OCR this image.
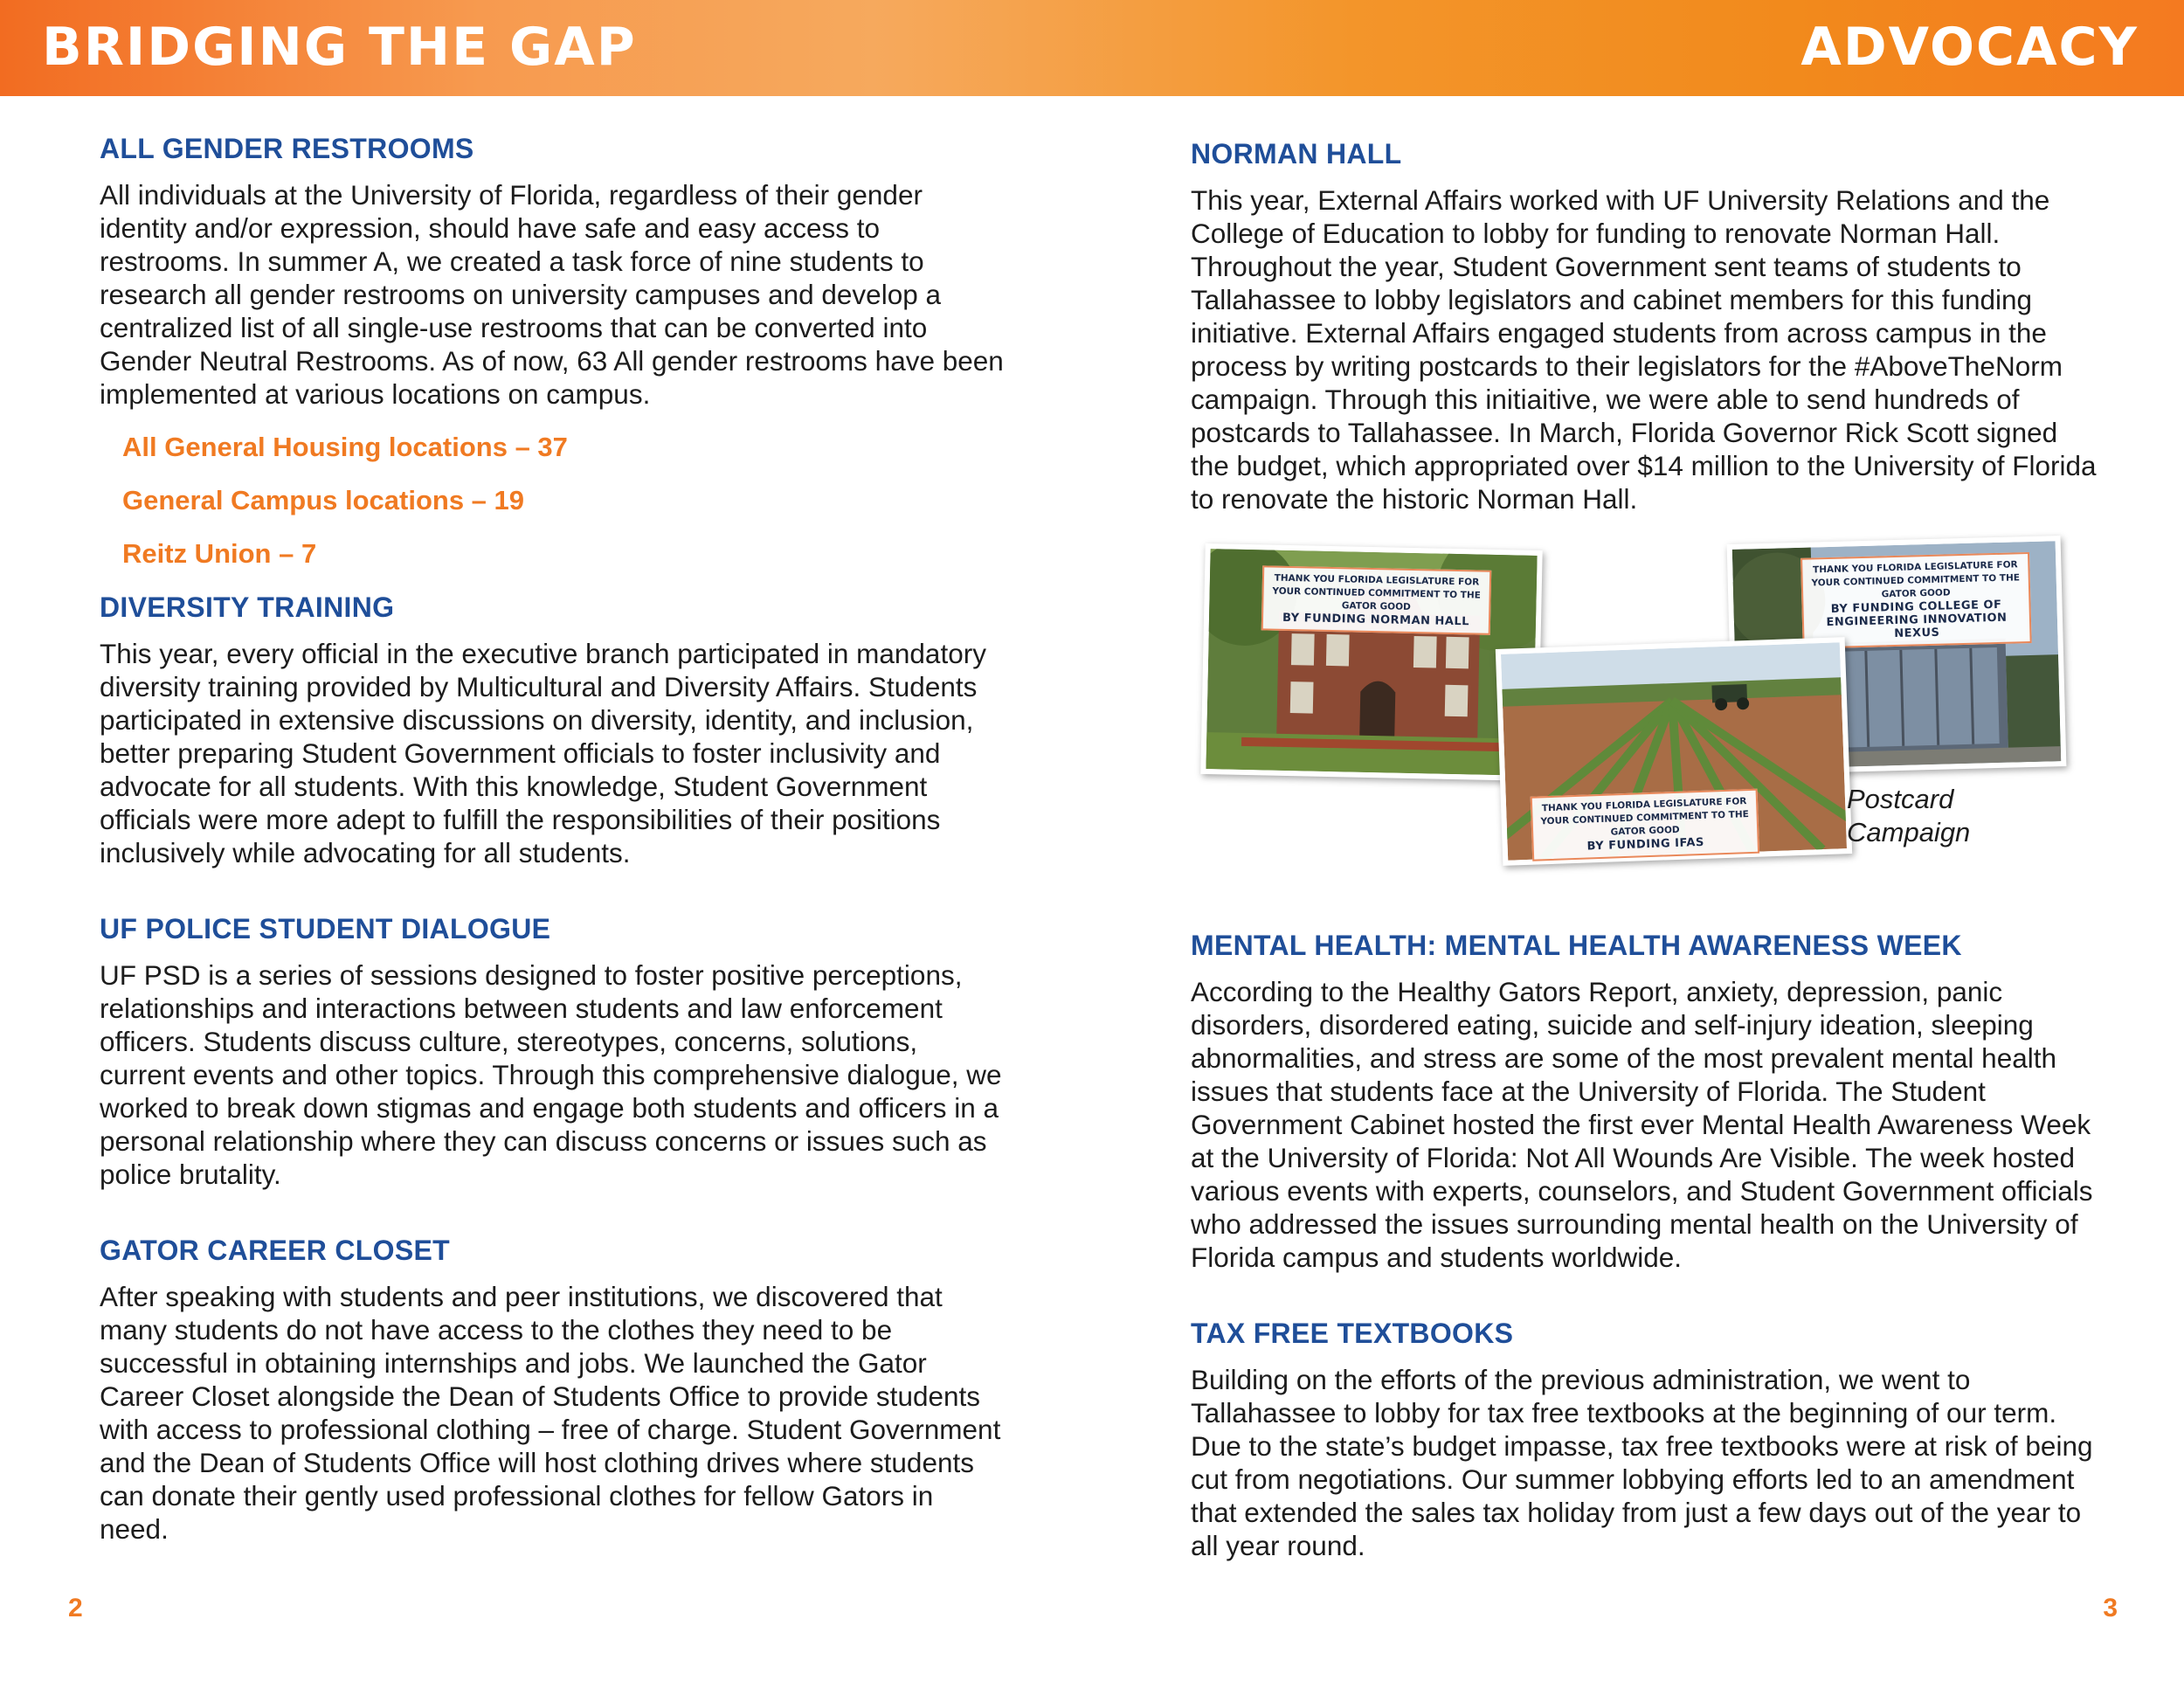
BRIDGING THE GAP	ADVOCACY
ALL GENDER RESTROOMS
All individuals at the University of Florida, regardless of their gender identity and/or expression, should have safe and easy access to restrooms. In summer A, we created a task force of nine students to research all gender restrooms on university campuses and develop a centralized list of all single-use restrooms that can be converted into Gender Neutral Restrooms. As of now, 63 All gender restrooms have been implemented at various locations on campus.
All General Housing locations – 37
General Campus locations – 19
Reitz Union – 7
DIVERSITY TRAINING
This year, every official in the executive branch participated in mandatory diversity training provided by Multicultural and Diversity Affairs. Students participated in extensive discussions on diversity, identity, and inclusion, better preparing Student Government officials to foster inclusivity and advocate for all students. With this knowledge, Student Government officials were more adept to fulfill the responsibilities of their positions inclusively while advocating for all students.
UF POLICE STUDENT DIALOGUE
UF PSD is a series of sessions designed to foster positive perceptions, relationships and interactions between students and law enforcement officers. Students discuss culture, stereotypes, concerns, solutions, current events and other topics. Through this comprehensive dialogue, we worked to break down stigmas and engage both students and officers in a personal relationship where they can discuss concerns or issues such as police brutality.
GATOR CAREER CLOSET
After speaking with students and peer institutions, we discovered that many students do not have access to the clothes they need to be successful in obtaining internships and jobs. We launched the Gator Career Closet alongside the Dean of Students Office to provide students with access to professional clothing – free of charge. Student Government and the Dean of Students Office will host clothing drives where students can donate their gently used professional clothes for fellow Gators in need.
2
NORMAN HALL
This year, External Affairs worked with UF University Relations and the College of Education to lobby for funding to renovate Norman Hall. Throughout the year, Student Government sent teams of students to Tallahassee to lobby legislators and cabinet members for this funding initiative. External Affairs engaged students from across campus in the process by writing postcards to their legislators for the #AboveTheNorm campaign. Through this initiaitive, we were able to send hundreds of postcards to Tallahassee. In March, Florida Governor Rick Scott signed the budget, which appropriated over $14 million to the University of Florida to renovate the historic Norman Hall.
THANK YOU FLORIDA LEGISLATURE FOR YOUR CONTINUED COMMITMENT TO THE GATOR GOOD
BY FUNDING NORMAN HALL
THANK YOU FLORIDA LEGISLATURE FOR YOUR CONTINUED COMMITMENT TO THE GATOR GOOD
BY FUNDING COLLEGE OF ENGINEERING INNOVATION NEXUS
THANK YOU FLORIDA LEGISLATURE FOR YOUR CONTINUED COMMITMENT TO THE GATOR GOOD
BY FUNDING IFAS
Postcard
Campaign
MENTAL HEALTH: MENTAL HEALTH AWARENESS WEEK
According to the Healthy Gators Report, anxiety, depression, panic disorders, disordered eating, suicide and self-injury ideation, sleeping abnormalities, and stress are some of the most prevalent mental health issues that students face at the University of Florida. The Student Government Cabinet hosted the first ever Mental Health Awareness Week at the University of Florida: Not All Wounds Are Visible. The week hosted various events with experts, counselors, and Student Government officials who addressed the issues surrounding mental health on the University of Florida campus and students worldwide.
TAX FREE TEXTBOOKS
Building on the efforts of the previous administration, we went to Tallahassee to lobby for tax free textbooks at the beginning of our term. Due to the state’s budget impasse, tax free textbooks were at risk of being cut from negotiations. Our summer lobbying efforts led to an amendment that extended the sales tax holiday from just a few days out of the year to all year round.
3
